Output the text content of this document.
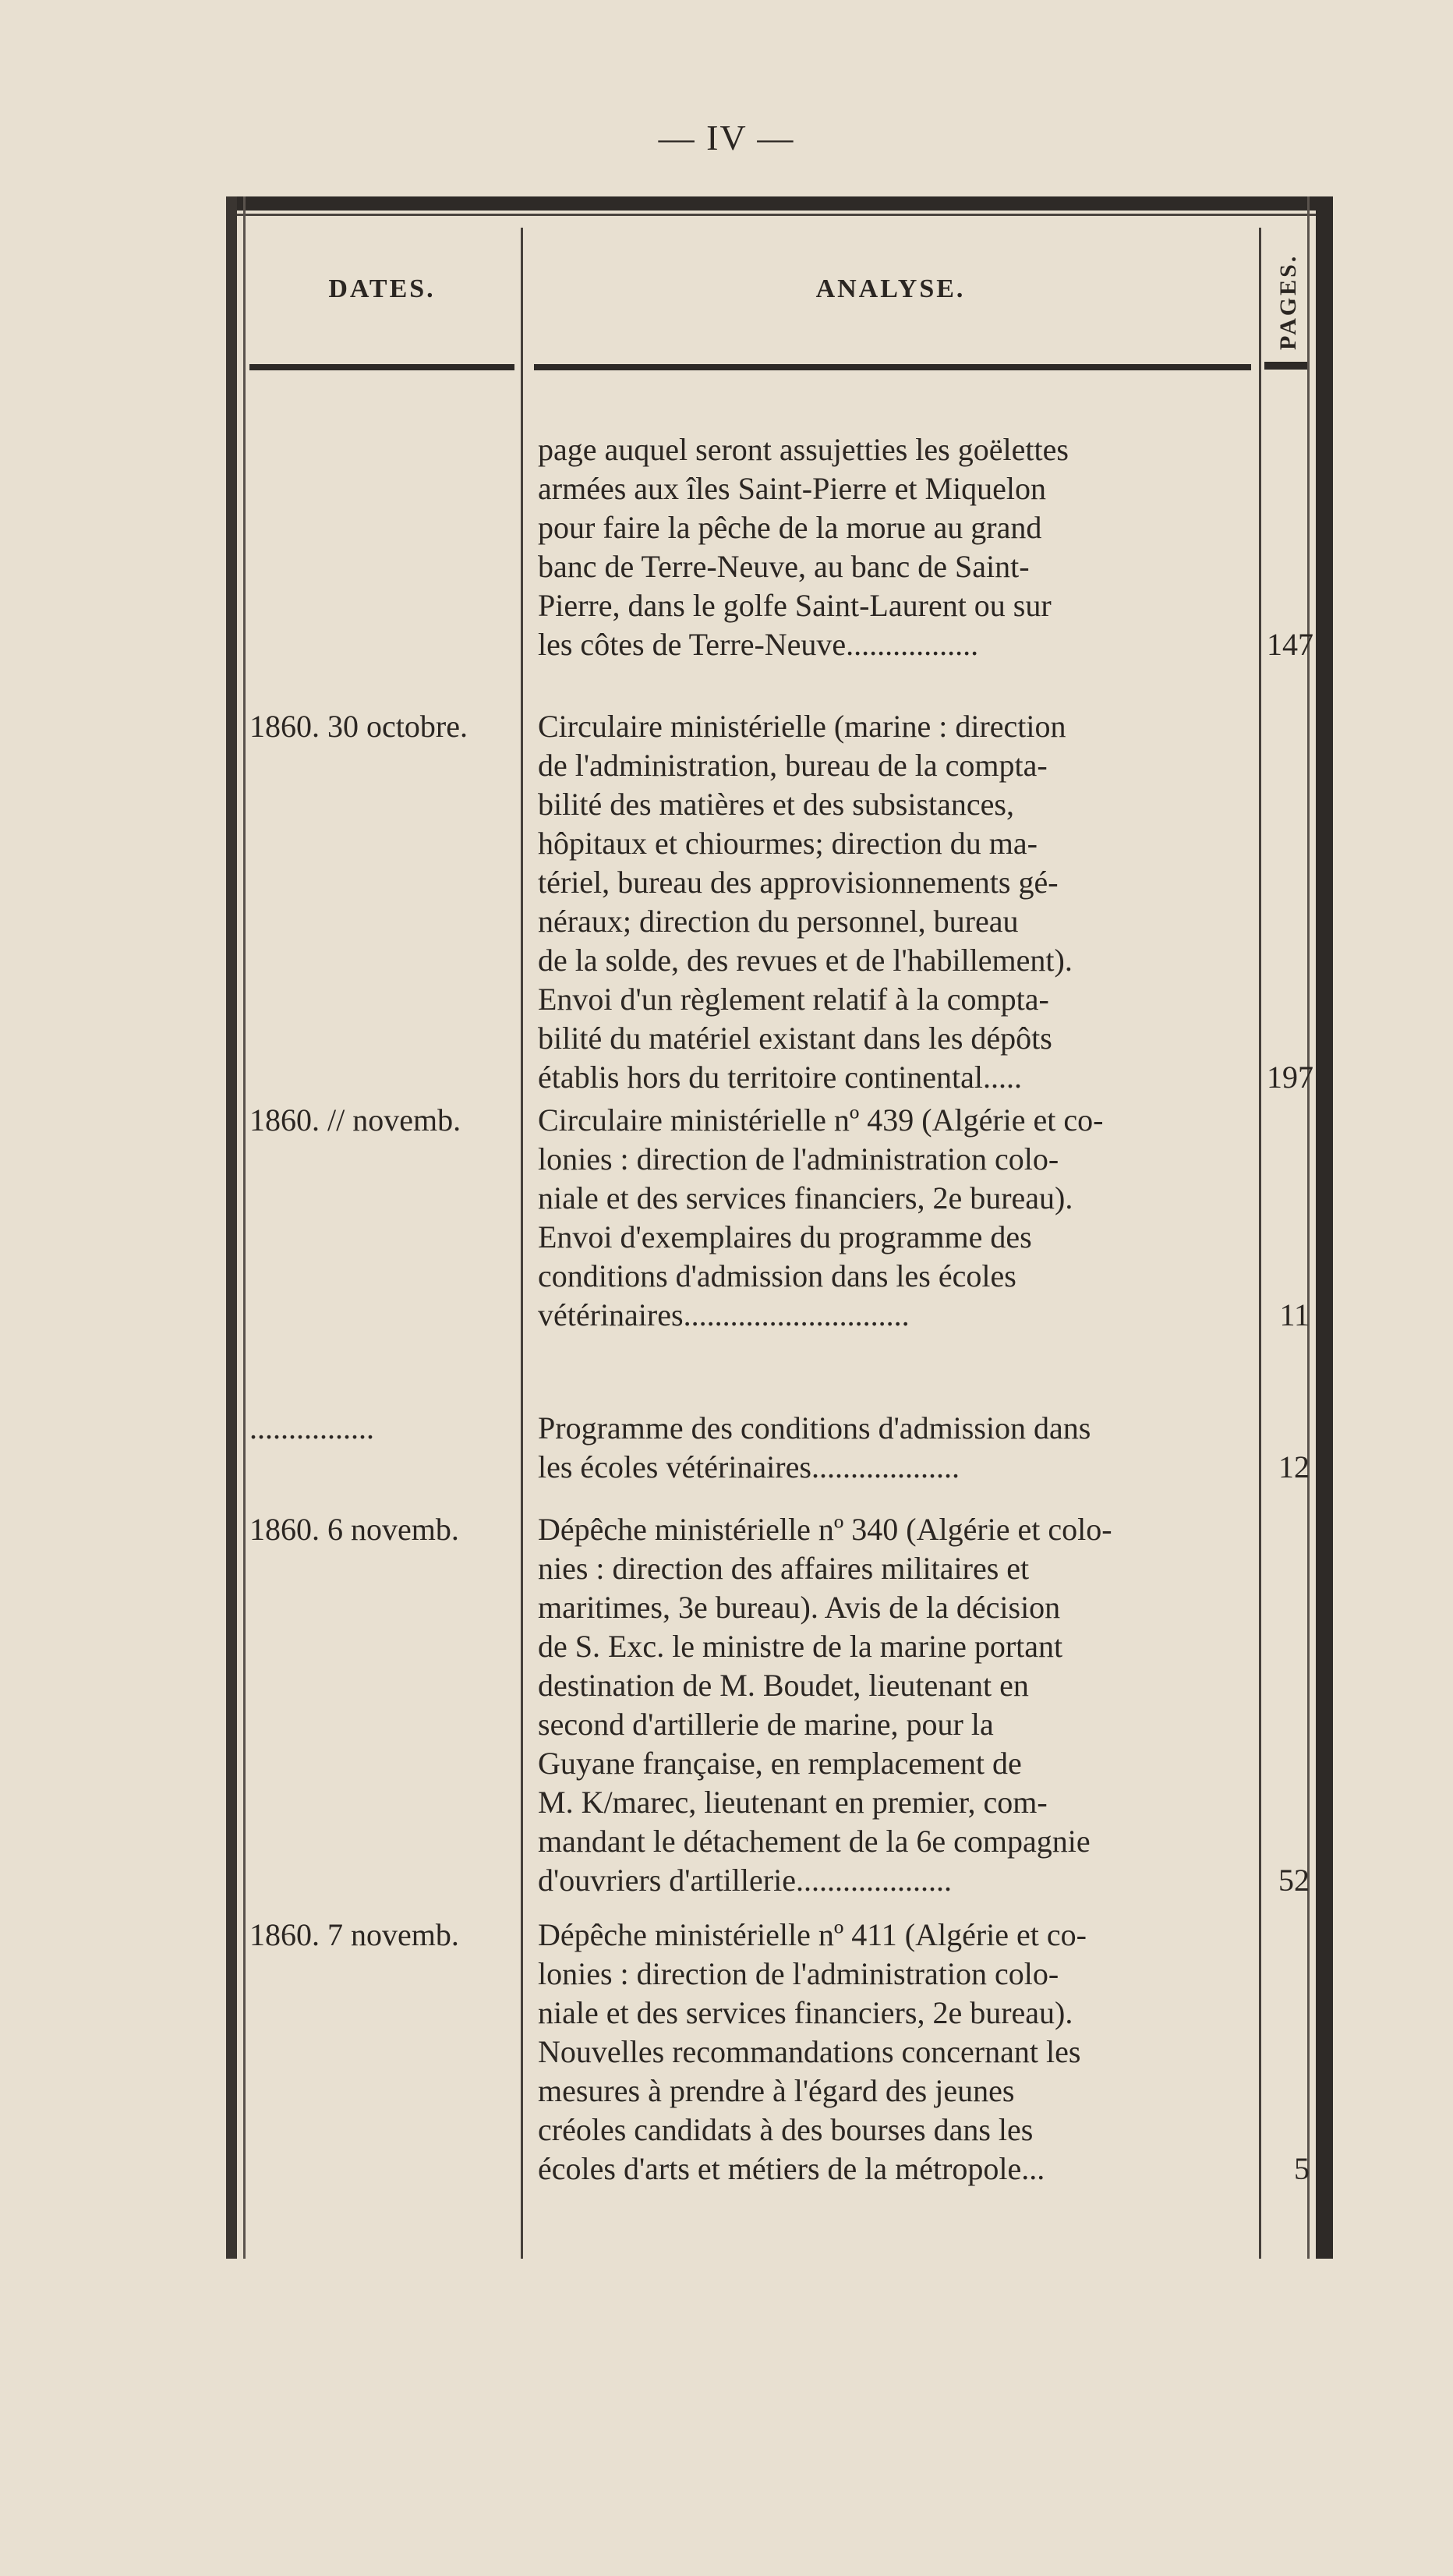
— IV —
DATES.	ANALYSE.	PAGES.
page auquel seront assujetties les goëlettes
armées aux îles Saint-Pierre et Miquelon
pour faire la pêche de la morue au grand
banc de Terre-Neuve, au banc de Saint-
Pierre, dans le golfe Saint-Laurent ou sur
les côtes de Terre-Neuve.................	147
1860. 30 octobre.	Circulaire ministérielle (marine : direction
de l'administration, bureau de la compta-
bilité des matières et des subsistances,
hôpitaux et chiourmes; direction du ma-
tériel, bureau des approvisionnements gé-
néraux; direction du personnel, bureau
de la solde, des revues et de l'habillement).
Envoi d'un règlement relatif à la compta-
bilité du matériel existant dans les dépôts
établis hors du territoire continental.....	197
1860. // novemb.	Circulaire ministérielle nº 439 (Algérie et co-
lonies : direction de l'administration colo-
niale et des services financiers, 2e bureau).
Envoi d'exemplaires du programme des
conditions d'admission dans les écoles
vétérinaires.............................	11
................	Programme des conditions d'admission dans
les écoles vétérinaires...................	12
1860. 6 novemb.	Dépêche ministérielle nº 340 (Algérie et colo-
nies : direction des affaires militaires et
maritimes, 3e bureau). Avis de la décision
de S. Exc. le ministre de la marine portant
destination de M. Boudet, lieutenant en
second d'artillerie de marine, pour la
Guyane française, en remplacement de
M. K/marec, lieutenant en premier, com-
mandant le détachement de la 6e compagnie
d'ouvriers d'artillerie....................	52
1860. 7 novemb.	Dépêche ministérielle nº 411 (Algérie et co-
lonies : direction de l'administration colo-
niale et des services financiers, 2e bureau).
Nouvelles recommandations concernant les
mesures à prendre à l'égard des jeunes
créoles candidats à des bourses dans les
écoles d'arts et métiers de la métropole...	5
